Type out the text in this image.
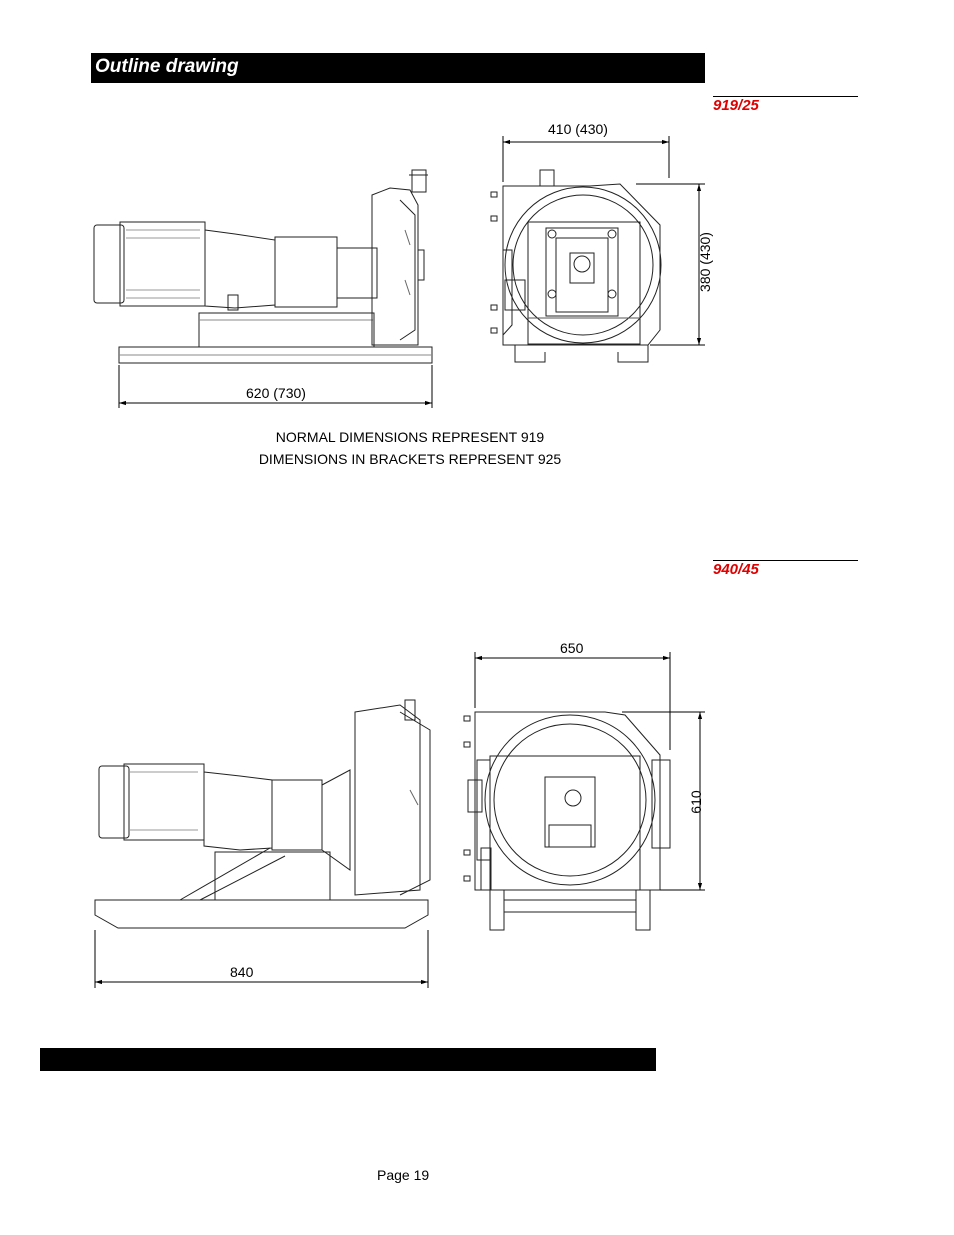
Outline drawing
919/25
940/45
410 (430)
380 (430)
620 (730)
NORMAL DIMENSIONS REPRESENT 919
DIMENSIONS IN BRACKETS REPRESENT 925
650
610
840
Page 19
